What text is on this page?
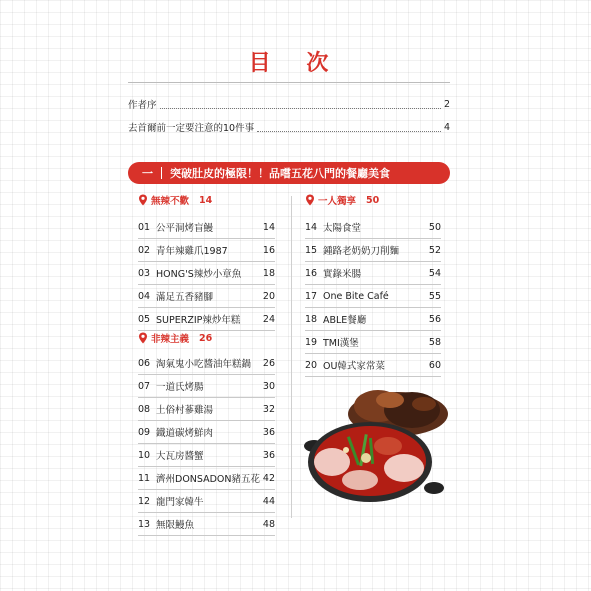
目 次
作者序	2
去首爾前一定要注意的10件事	4
一	突破肚皮的極限！！品嚐五花八門的餐廳美食
無辣不歡 14
01 公平洞烤盲鰻	14
02 青年辣雞爪1987	16
03 HONG'S辣炒小章魚	18
04 滿足五香豬腳	20
05 SUPERZIP辣炒年糕	24
非辣主義 26
06 淘氣鬼小吃醬油年糕鍋	26
07 一道氏烤腸	30
08 土俗村蔘雞湯	32
09 鐵道碳烤鮮肉	36
10 大瓦房醬蟹	36
11 濟州DONSADON豬五花 42
12 龍門家韓牛	44
13 無限鰻魚	48
一人獨享 50
14 太陽食堂	50
15 鍾路老奶奶刀削麵	52
16 實錄米腸	54
17 One Bite Café	55
18 ABLE餐廳	56
19 TMI漢堡	58
20 OU韓式家常菜	60
